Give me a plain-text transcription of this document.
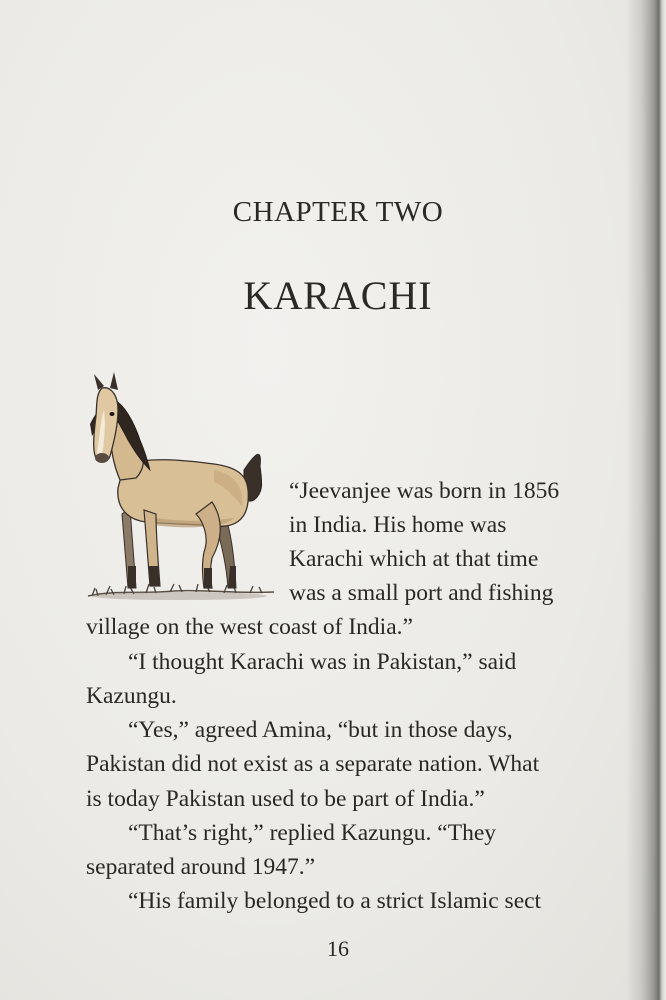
CHAPTER TWO
KARACHI
“Jeevanjee was born in 1856
in India. His home was
Karachi which at that time
was a small port and fishing
village on the west coast of India.”
“I thought Karachi was in Pakistan,” said
Kazungu.
“Yes,” agreed Amina, “but in those days,
Pakistan did not exist as a separate nation. What
is today Pakistan used to be part of India.”
“That’s right,” replied Kazungu. “They
separated around 1947.”
“His family belonged to a strict Islamic sect
16
